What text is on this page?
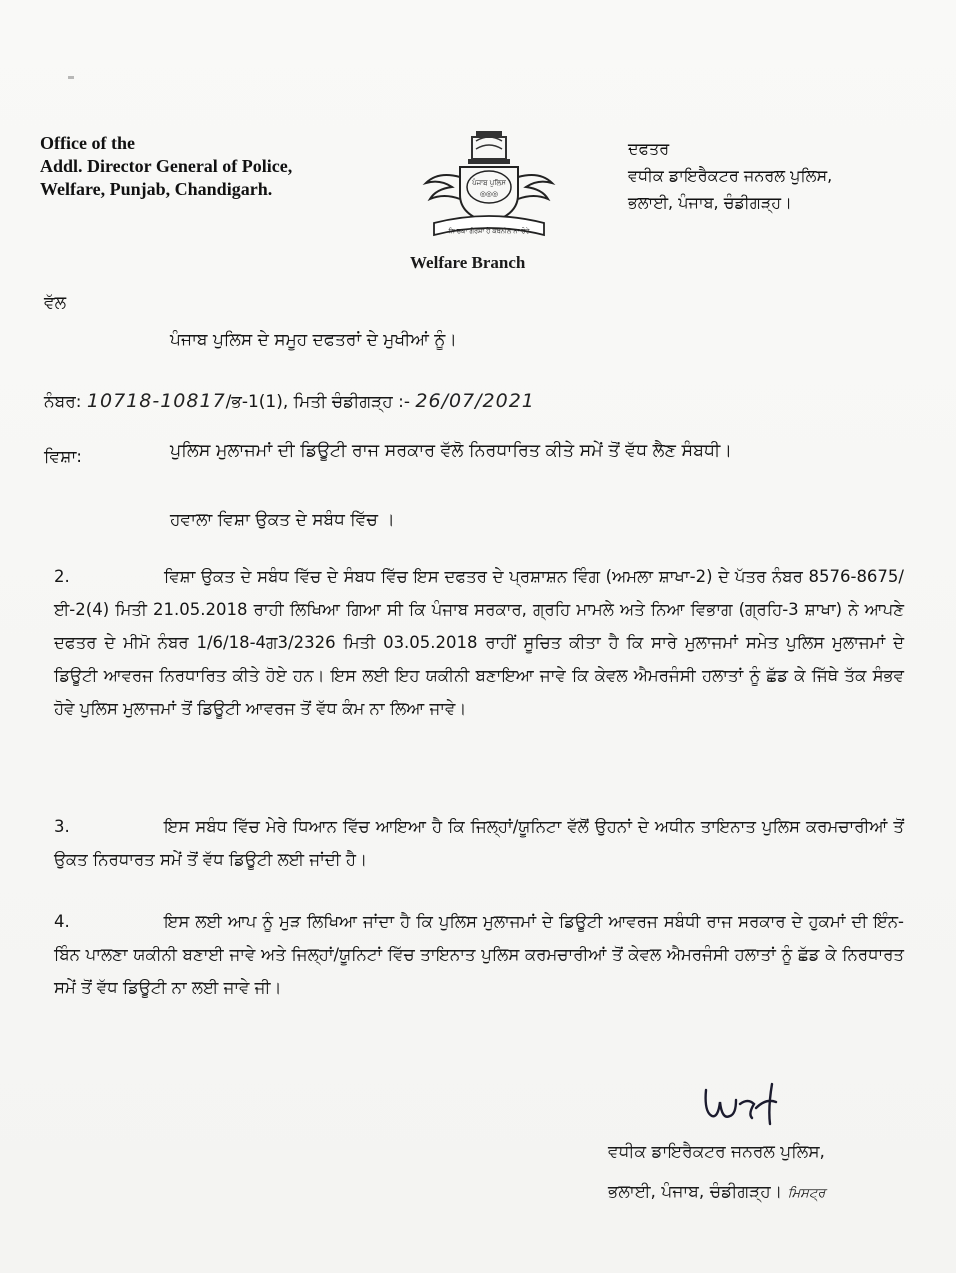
Office of the
Addl. Director General of Police,
Welfare, Punjab, Chandigarh.	ਪੰਜਾਬ ਪੁਲਿਸ
◎◎◎
ਨਿ ਚਕਾ ਗੋਰਸ਼ਾ ਹੈ ਕਥਨੀਲ ਨਾ ਹੋਵੇ
Welfare Branch
ਦਫਤਰ
ਵਧੀਕ ਡਾਇਰੈਕਟਰ ਜਨਰਲ ਪੁਲਿਸ,
ਭਲਾਈ, ਪੰਜਾਬ, ਚੰਡੀਗੜ੍ਹ।
ਵੱਲ
ਪੰਜਾਬ ਪੁਲਿਸ ਦੇ ਸਮੂਹ ਦਫਤਰਾਂ ਦੇ ਮੁਖੀਆਂ ਨੂੰ।
ਨੰਬਰ: 10718-10817/ਭ-1(1), ਮਿਤੀ ਚੰਡੀਗੜ੍ਹ :- 26/07/2021
ਵਿਸ਼ਾ:	ਪੁਲਿਸ ਮੁਲਾਜਮਾਂ ਦੀ ਡਿਊਟੀ ਰਾਜ ਸਰਕਾਰ ਵੱਲੋ ਨਿਰਧਾਰਿਤ ਕੀਤੇ ਸਮੇਂ ਤੋਂ ਵੱਧ ਲੈਣ ਸੰਬਧੀ।
ਹਵਾਲਾ ਵਿਸ਼ਾ ਉਕਤ ਦੇ ਸਬੰਧ ਵਿੱਚ ।
2.	ਵਿਸ਼ਾ ਉਕਤ ਦੇ ਸਬੰਧ ਵਿੱਚ ਦੇ ਸੰਬਧ ਵਿੱਚ ਇਸ ਦਫਤਰ ਦੇ ਪ੍ਰਸ਼ਾਸ਼ਨ ਵਿੰਗ (ਅਮਲਾ ਸ਼ਾਖਾ-2) ਦੇ ਪੱਤਰ ਨੰਬਰ 8576-8675/ਈ-2(4) ਮਿਤੀ 21.05.2018 ਰਾਹੀ ਲਿਖਿਆ ਗਿਆ ਸੀ ਕਿ ਪੰਜਾਬ ਸਰਕਾਰ, ਗ੍ਰਹਿ ਮਾਮਲੇ ਅਤੇ ਨਿਆ ਵਿਭਾਗ (ਗ੍ਰਹਿ-3 ਸ਼ਾਖਾ) ਨੇ ਆਪਣੇ ਦਫਤਰ ਦੇ ਮੀਮੋ ਨੰਬਰ 1/6/18-4ਗ3/2326 ਮਿਤੀ 03.05.2018 ਰਾਹੀਂ ਸੂਚਿਤ ਕੀਤਾ ਹੈ ਕਿ ਸਾਰੇ ਮੁਲਾਜਮਾਂ ਸਮੇਤ ਪੁਲਿਸ ਮੁਲਾਜਮਾਂ ਦੇ ਡਿਊਟੀ ਆਵਰਜ ਨਿਰਧਾਰਿਤ ਕੀਤੇ ਹੋਏ ਹਨ। ਇਸ ਲਈ ਇਹ ਯਕੀਨੀ ਬਣਾਇਆ ਜਾਵੇ ਕਿ ਕੇਵਲ ਐਮਰਜੰਸੀ ਹਲਾਤਾਂ ਨੂੰ ਛੱਡ ਕੇ ਜਿੱਥੇ ਤੱਕ ਸੰਭਵ ਹੋਵੇ ਪੁਲਿਸ ਮੁਲਾਜਮਾਂ ਤੋਂ ਡਿਊਟੀ ਆਵਰਜ ਤੋਂ ਵੱਧ ਕੰਮ ਨਾ ਲਿਆ ਜਾਵੇ।
3.	ਇਸ ਸਬੰਧ ਵਿੱਚ ਮੇਰੇ ਧਿਆਨ ਵਿੱਚ ਆਇਆ ਹੈ ਕਿ ਜਿਲ੍ਹਾਂ/ਯੂਨਿਟਾ ਵੱਲੋਂ ਉਹਨਾਂ ਦੇ ਅਧੀਨ ਤਾਇਨਾਤ ਪੁਲਿਸ ਕਰਮਚਾਰੀਆਂ ਤੋਂ ਉਕਤ ਨਿਰਧਾਰਤ ਸਮੇਂ ਤੋਂ ਵੱਧ ਡਿਊਟੀ ਲਈ ਜਾਂਦੀ ਹੈ।
4.	ਇਸ ਲਈ ਆਪ ਨੂੰ ਮੁੜ ਲਿਖਿਆ ਜਾਂਦਾ ਹੈ ਕਿ ਪੁਲਿਸ ਮੁਲਾਜਮਾਂ ਦੇ ਡਿਊਟੀ ਆਵਰਜ ਸਬੰਧੀ ਰਾਜ ਸਰਕਾਰ ਦੇ ਹੁਕਮਾਂ ਦੀ ਇੰਨ-ਬਿੰਨ ਪਾਲਣਾ ਯਕੀਨੀ ਬਣਾਈ ਜਾਵੇ ਅਤੇ ਜਿਲ੍ਹਾਂ/ਯੂਨਿਟਾਂ ਵਿੱਚ ਤਾਇਨਾਤ ਪੁਲਿਸ ਕਰਮਚਾਰੀਆਂ ਤੋਂ ਕੇਵਲ ਐਮਰਜੰਸੀ ਹਲਾਤਾਂ ਨੂੰ ਛੱਡ ਕੇ ਨਿਰਧਾਰਤ ਸਮੇਂ ਤੋਂ ਵੱਧ ਡਿਊਟੀ ਨਾ ਲਈ ਜਾਵੇ ਜੀ।
ਵਧੀਕ ਡਾਇਰੈਕਟਰ ਜਨਰਲ ਪੁਲਿਸ,
ਭਲਾਈ, ਪੰਜਾਬ, ਚੰਡੀਗੜ੍ਹ। ਮਿਸਟ੍ਰ
